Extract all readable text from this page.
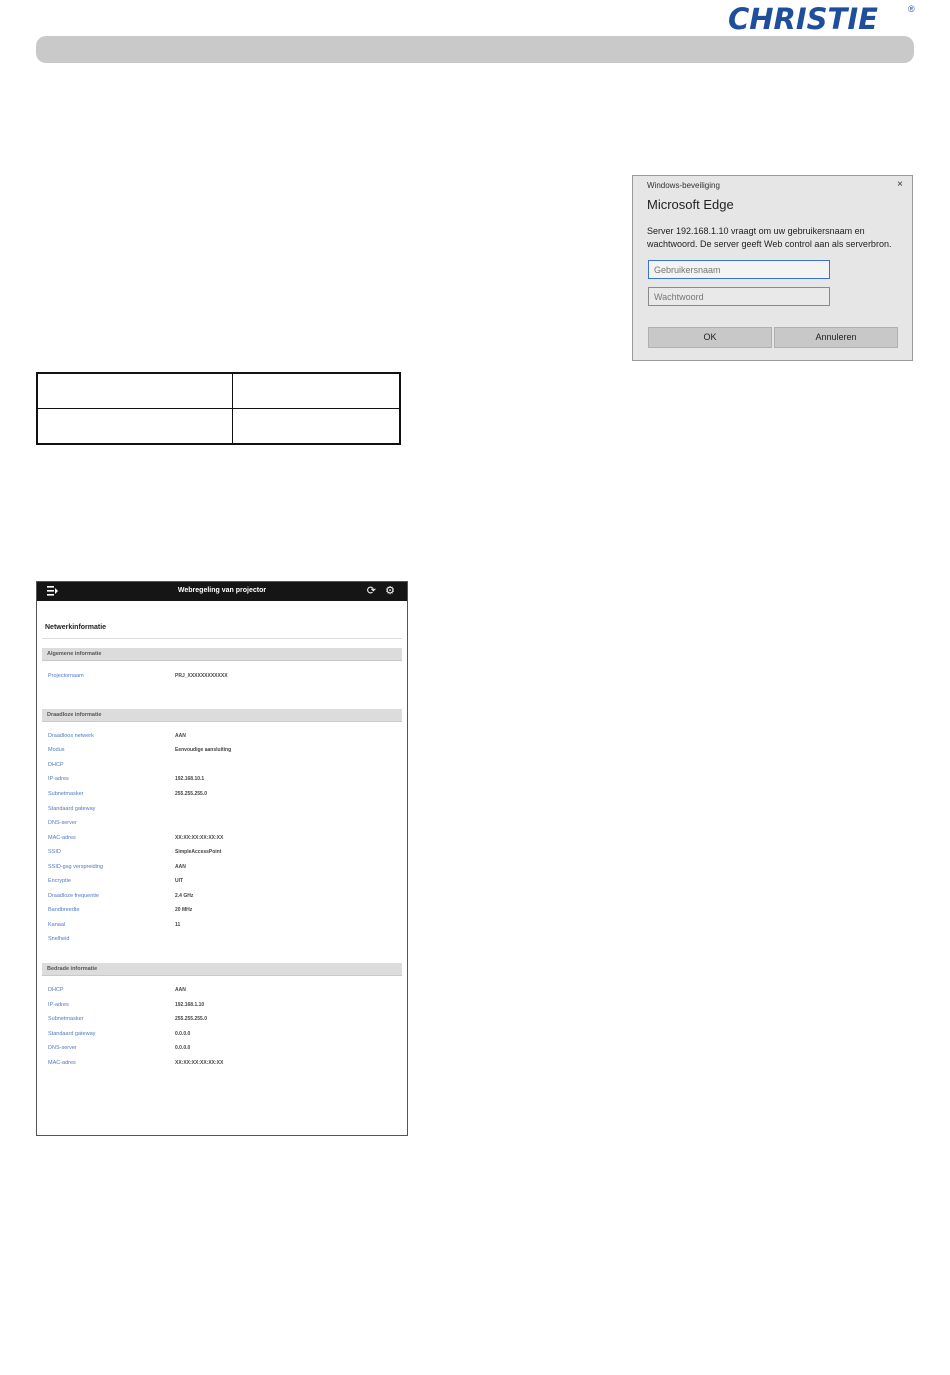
CHRISTIE	®
Windows-beveiliging	×
Microsoft Edge
Server 192.168.1.10 vraagt om uw gebruikersnaam en wachtwoord. De server geeft Web control aan als serverbron.
Gebruikersnaam
Wachtwoord
OK	Annuleren

Webregeling van projector	⟳ ⚙
Netwerkinformatie
Algemene informatie
Projectornaam	PRJ_XXXXXXXXXXXX
Draadloze informatie
Draadloos netwerk	AAN
Modus	Eenvoudige aansluiting
DHCP
IP-adres	192.168.10.1
Subnetmasker	255.255.255.0
Standaard gateway
DNS-server
MAC-adres	XX:XX:XX:XX:XX:XX
SSID	SimpleAccessPoint
SSID-gsg verspreiding	AAN
Encryptie	UIT
Draadloze frequentie	2.4 GHz
Bandbreedte	20 MHz
Kanaal	11
Snelheid
Bedrade informatie
DHCP	AAN
IP-adres	192.168.1.10
Subnetmasker	255.255.255.0
Standaard gateway	0.0.0.0
DNS-server	0.0.0.0
MAC-adres	XX:XX:XX:XX:XX:XX
